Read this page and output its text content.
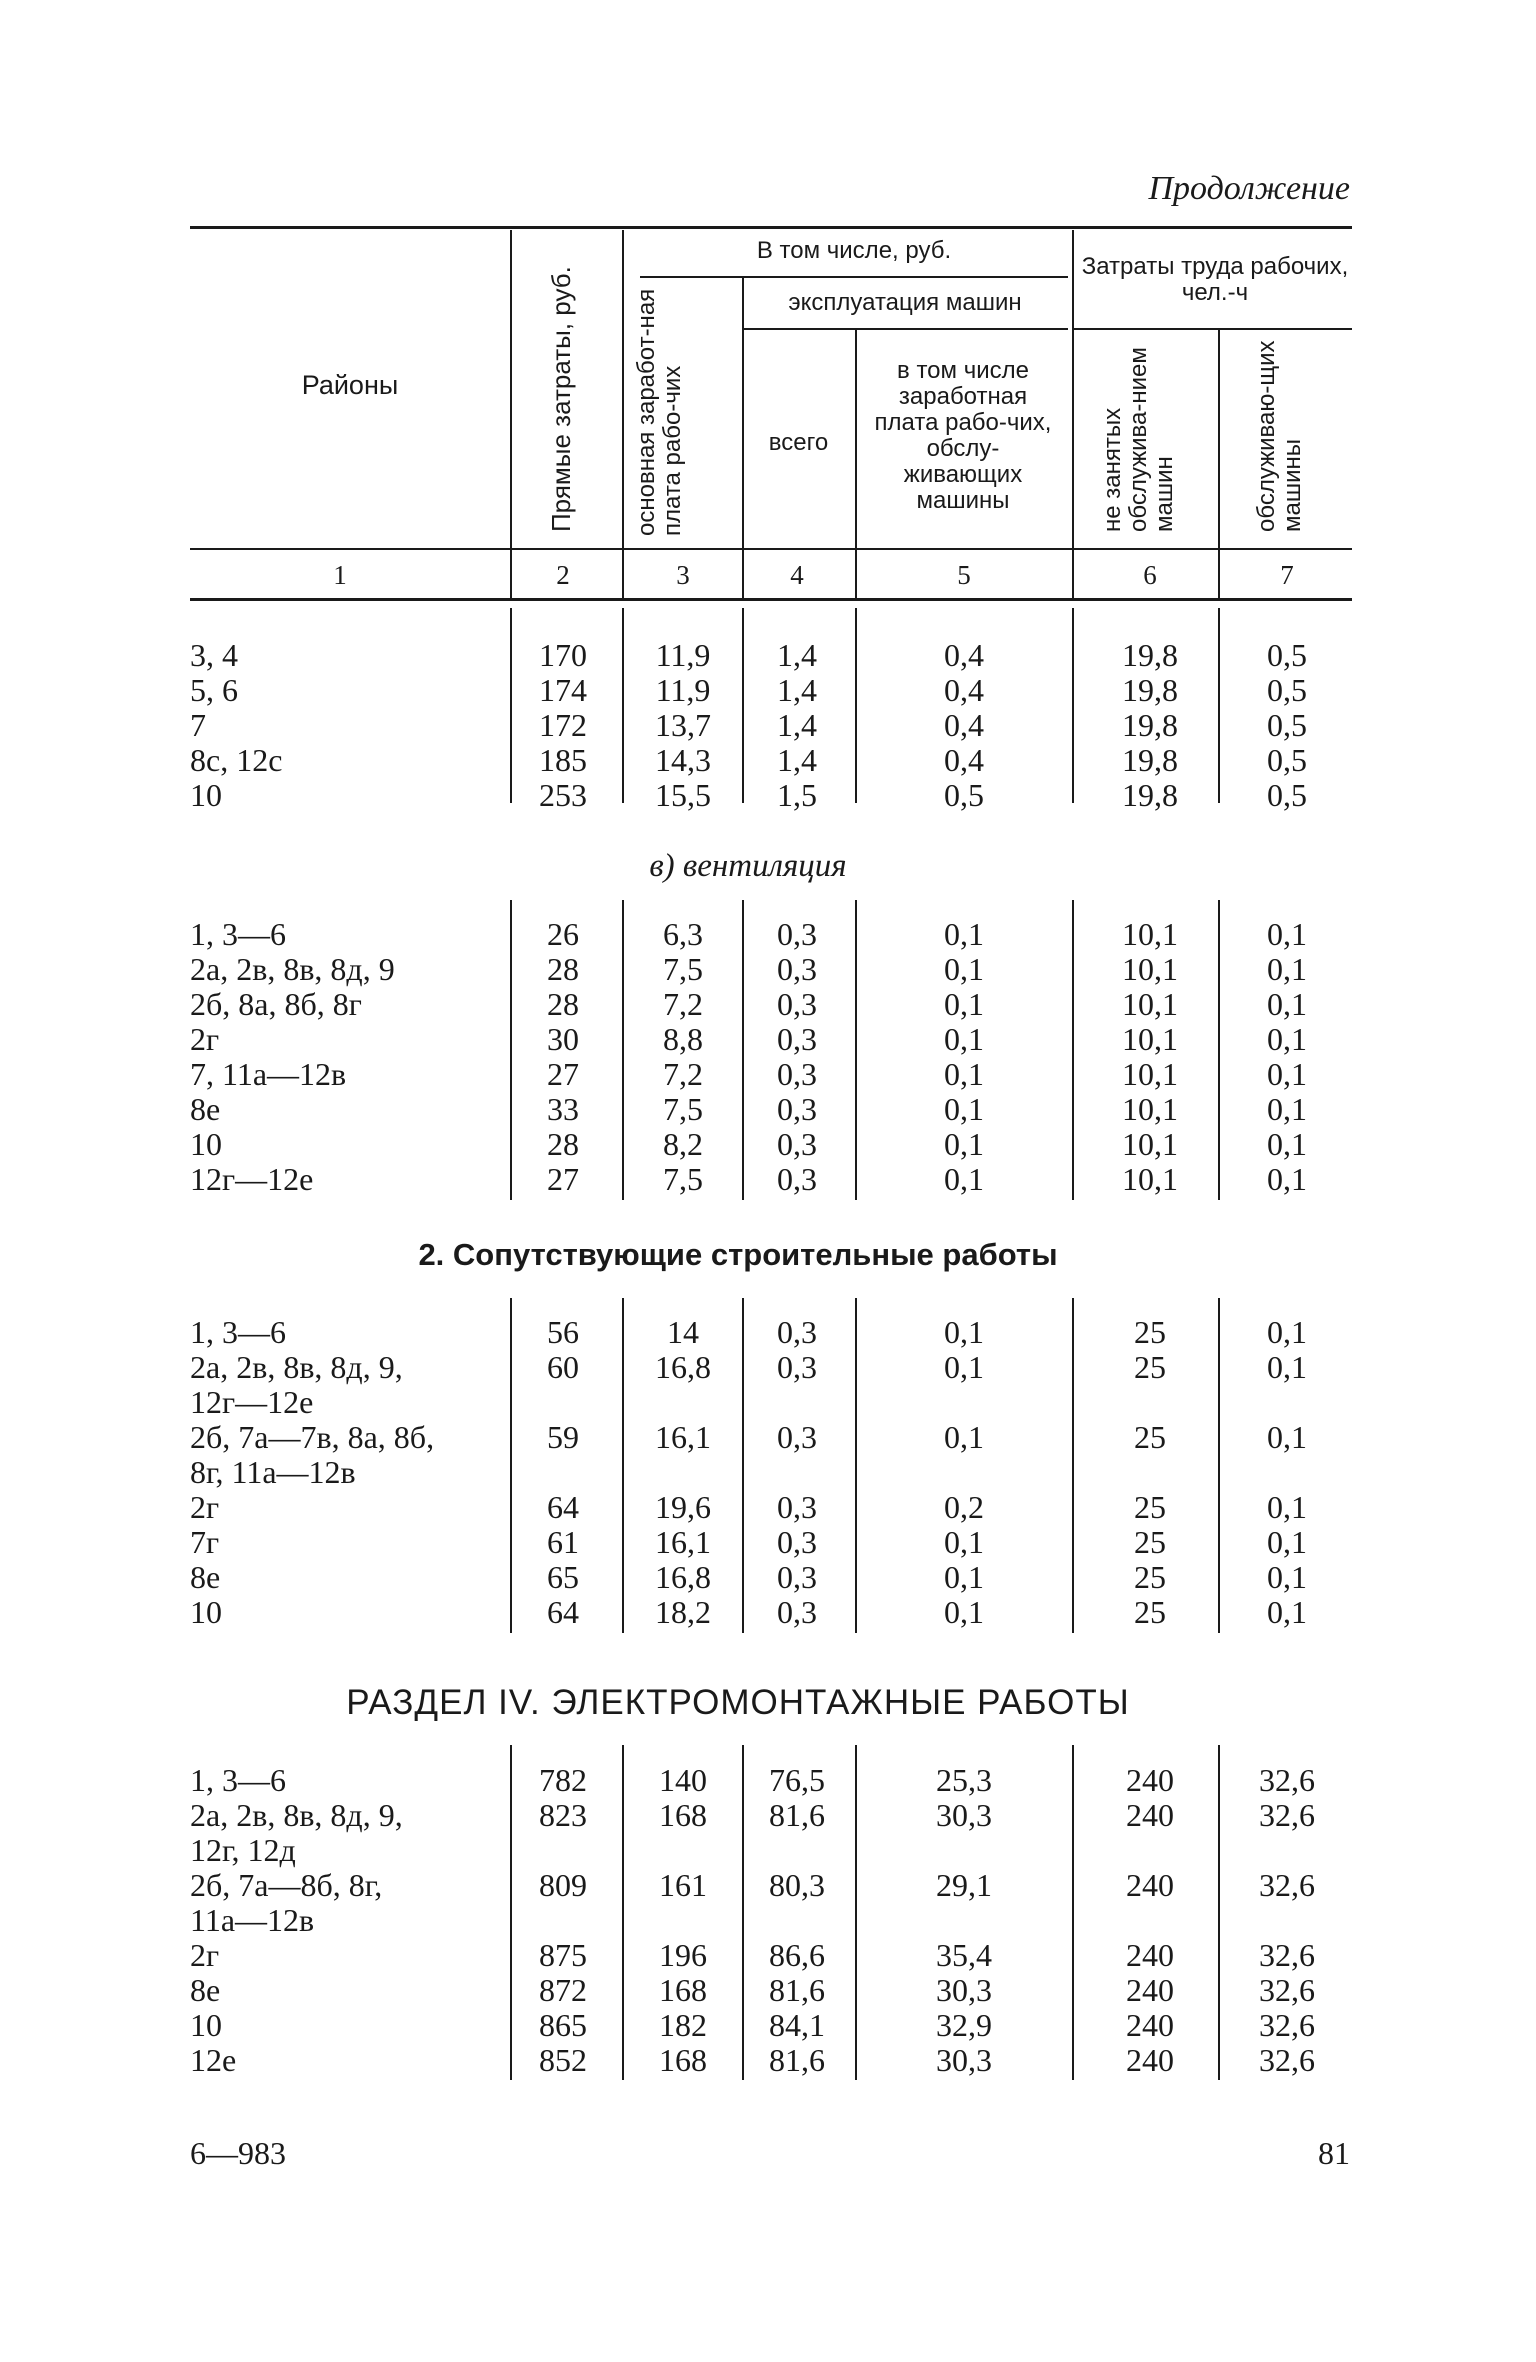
Продолжение
Районы	Прямые затраты, руб.
В том числе, руб.
основная заработ-ная плата рабо-чих
эксплуатация машин
всего
в том числе заработная плата рабо-чих, обслу-живающих машины
Затраты труда рабочих, чел.-ч
не занятых обслужива-нием машин	обслуживаю-щих машины
1	2	3	4	5	6	7
3, 4	170	11,9	1,4	0,4	19,8	0,5
5, 6	174	11,9	1,4	0,4	19,8	0,5
7	172	13,7	1,4	0,4	19,8	0,5
8с, 12с	185	14,3	1,4	0,4	19,8	0,5
10	253	15,5	1,5	0,5	19,8	0,5
в) вентиляция
1, 3—6	26	6,3	0,3	0,1	10,1	0,1
2а, 2в, 8в, 8д, 9	28	7,5	0,3	0,1	10,1	0,1
2б, 8а, 8б, 8г	28	7,2	0,3	0,1	10,1	0,1
2г	30	8,8	0,3	0,1	10,1	0,1
7, 11а—12в	27	7,2	0,3	0,1	10,1	0,1
8е	33	7,5	0,3	0,1	10,1	0,1
10	28	8,2	0,3	0,1	10,1	0,1
12г—12е	27	7,5	0,3	0,1	10,1	0,1
2. Сопутствующие строительные работы
1, 3—6	56	14	0,3	0,1	25	0,1
2а, 2в, 8в, 8д, 9,	60	16,8	0,3	0,1	25	0,1
12г—12е
2б, 7а—7в, 8а, 8б,	59	16,1	0,3	0,1	25	0,1
8г, 11а—12в
2г	64	19,6	0,3	0,2	25	0,1
7г	61	16,1	0,3	0,1	25	0,1
8е	65	16,8	0,3	0,1	25	0,1
10	64	18,2	0,3	0,1	25	0,1
РАЗДЕЛ IV. ЭЛЕКТРОМОНТАЖНЫЕ РАБОТЫ
1, 3—6	782	140	76,5	25,3	240	32,6
2а, 2в, 8в, 8д, 9,	823	168	81,6	30,3	240	32,6
12г, 12д
2б, 7а—8б, 8г,	809	161	80,3	29,1	240	32,6
11а—12в
2г	875	196	86,6	35,4	240	32,6
8е	872	168	81,6	30,3	240	32,6
10	865	182	84,1	32,9	240	32,6
12е	852	168	81,6	30,3	240	32,6
6—983	81
